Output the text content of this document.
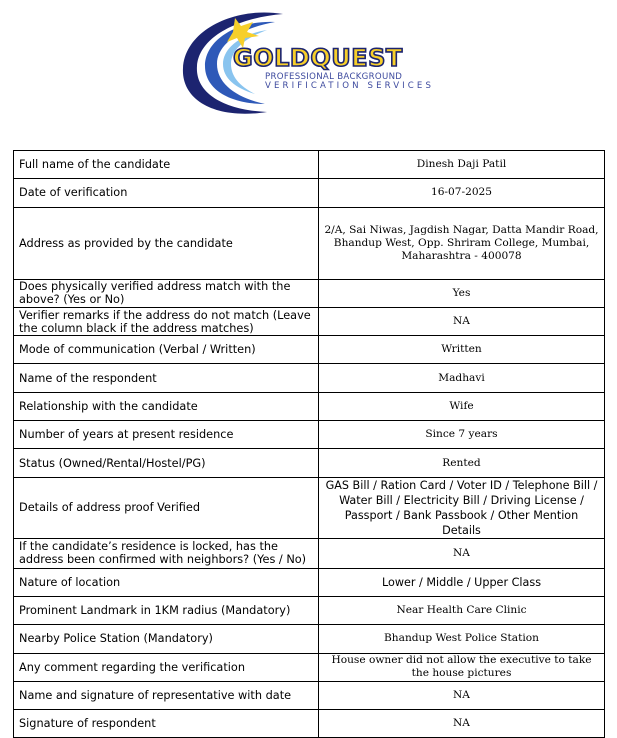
GOLDQUEST
PROFESSIONAL BACKGROUND
VERIFICATION SERVICES
Full name of the candidate	Dinesh Daji Patil
Date of verification	16-07-2025
Address as provided by the candidate	2/A, Sai Niwas, Jagdish Nagar, Datta Mandir Road, Bhandup West, Opp. Shriram College, Mumbai, Maharashtra - 400078
Does physically verified address match with the above? (Yes or No)	Yes
Verifier remarks if the address do not match (Leave the column black if the address matches)	NA
Mode of communication (Verbal / Written)	Written
Name of the respondent	Madhavi
Relationship with the candidate	Wife
Number of years at present residence	Since 7 years
Status (Owned/Rental/Hostel/PG)	Rented
Details of address proof Verified	GAS Bill / Ration Card / Voter ID / Telephone Bill / Water Bill / Electricity Bill / Driving License / Passport / Bank Passbook / Other Mention Details
If the candidate’s residence is locked, has the address been confirmed with neighbors? (Yes / No)	NA
Nature of location	Lower / Middle / Upper Class
Prominent Landmark in 1KM radius (Mandatory)	Near Health Care Clinic
Nearby Police Station (Mandatory)	Bhandup West Police Station
Any comment regarding the verification	House owner did not allow the executive to take the house pictures
Name and signature of representative with date	NA
Signature of respondent	NA
